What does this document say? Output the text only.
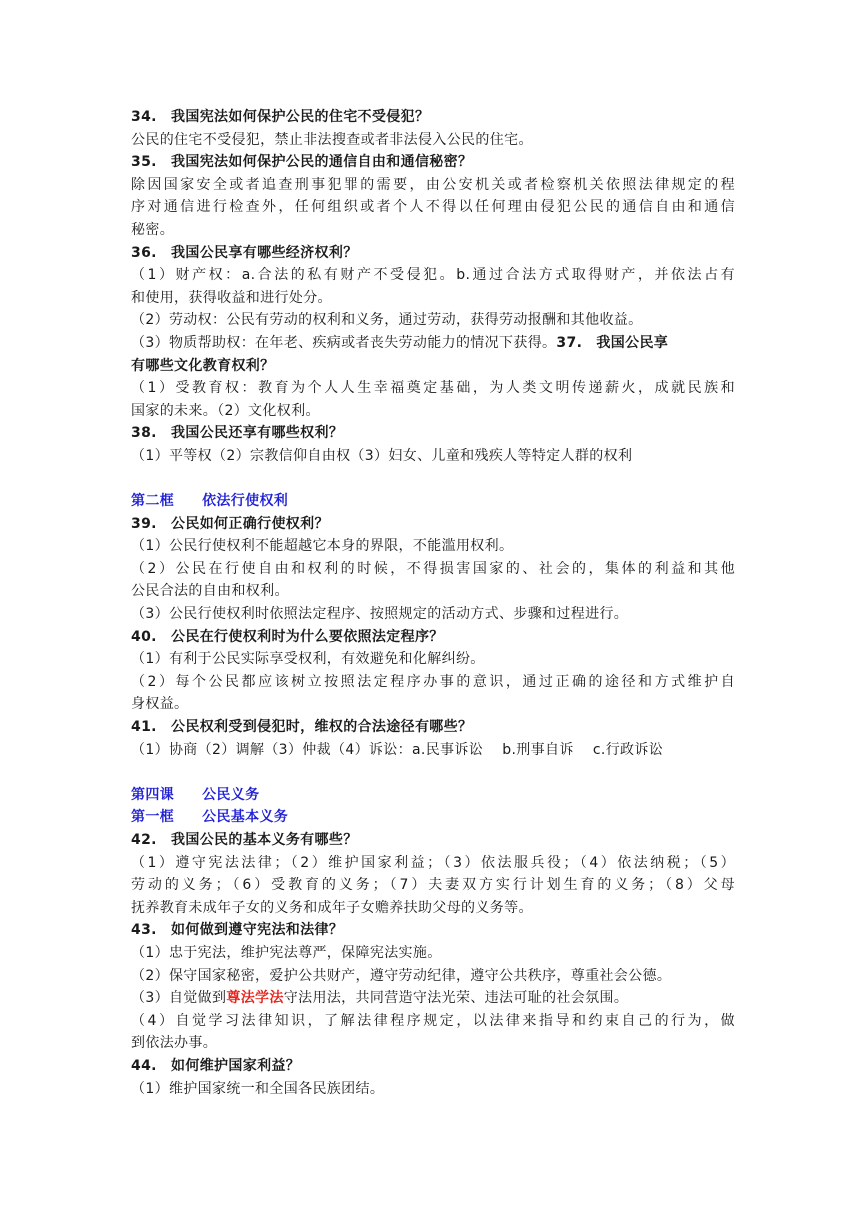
34. 我国宪法如何保护公民的住宅不受侵犯？
公民的住宅不受侵犯，禁止非法搜查或者非法侵入公民的住宅。
35. 我国宪法如何保护公民的通信自由和通信秘密？
除因国家安全或者追查刑事犯罪的需要，由公安机关或者检察机关依照法律规定的程
序对通信进行检查外，任何组织或者个人不得以任何理由侵犯公民的通信自由和通信
秘密。
36. 我国公民享有哪些经济权利？
（1）财产权：a.合法的私有财产不受侵犯。b.通过合法方式取得财产，并依法占有
和使用，获得收益和进行处分。
（2）劳动权：公民有劳动的权利和义务，通过劳动，获得劳动报酬和其他收益。
（3）物质帮助权：在年老、疾病或者丧失劳动能力的情况下获得。37. 我国公民享
有哪些文化教育权利？
（1）受教育权：教育为个人人生幸福奠定基础，为人类文明传递薪火，成就民族和
国家的未来。（2）文化权利。
38. 我国公民还享有哪些权利？
（1）平等权（2）宗教信仰自由权（3）妇女、儿童和残疾人等特定人群的权利
第二框 依法行使权利
39. 公民如何正确行使权利？
（1）公民行使权利不能超越它本身的界限，不能滥用权利。
（2）公民在行使自由和权利的时候，不得损害国家的、社会的，集体的利益和其他
公民合法的自由和权利。
（3）公民行使权利时依照法定程序、按照规定的活动方式、步骤和过程进行。
40. 公民在行使权利时为什么要依照法定程序？
（1）有利于公民实际享受权利，有效避免和化解纠纷。
（2）每个公民都应该树立按照法定程序办事的意识，通过正确的途径和方式维护自
身权益。
41. 公民权利受到侵犯时，维权的合法途径有哪些？
（1）协商（2）调解（3）仲裁（4）诉讼：a.民事诉讼　 b.刑事自诉　 c.行政诉讼
第四课 公民义务
第一框 公民基本义务
42. 我国公民的基本义务有哪些？
（1）遵守宪法法律；（2）维护国家利益；（3）依法服兵役；（4）依法纳税；（5）
劳动的义务；（6）受教育的义务；（7）夫妻双方实行计划生育的义务；（8）父母
抚养教育未成年子女的义务和成年子女赡养扶助父母的义务等。
43. 如何做到遵守宪法和法律？
（1）忠于宪法，维护宪法尊严，保障宪法实施。
（2）保守国家秘密，爱护公共财产，遵守劳动纪律，遵守公共秩序，尊重社会公德。
（3）自觉做到尊法学法守法用法，共同营造守法光荣、违法可耻的社会氛围。
（4）自觉学习法律知识，了解法律程序规定，以法律来指导和约束自己的行为，做
到依法办事。
44. 如何维护国家利益？
（1）维护国家统一和全国各民族团结。
